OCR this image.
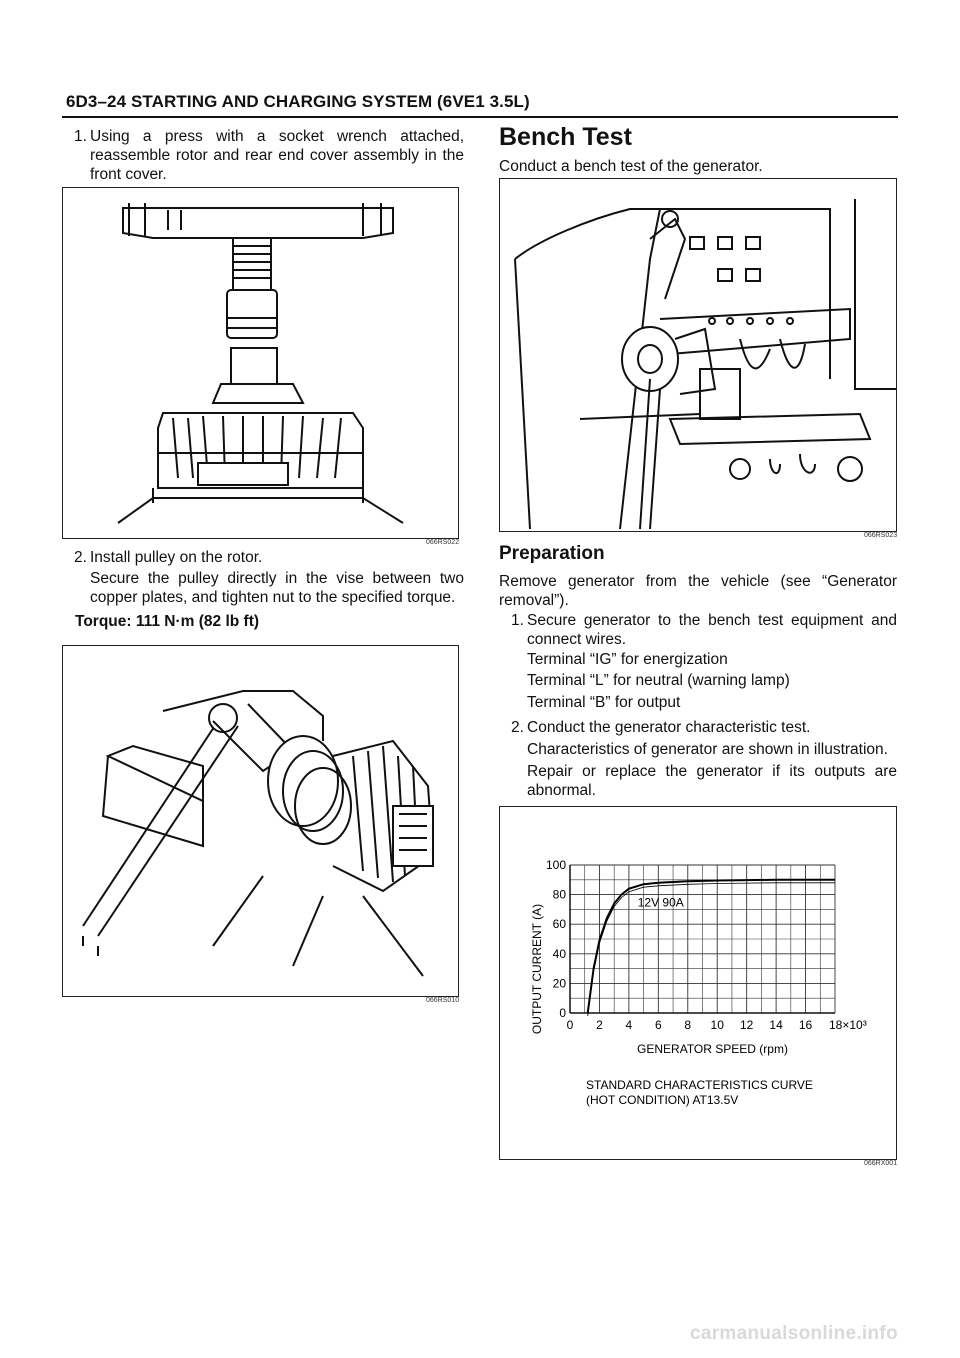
6D3–24 STARTING AND CHARGING SYSTEM (6VE1 3.5L)
1. Using a press with a socket wrench attached, reassemble rotor and rear end cover assembly in the front cover.
066RS022
2. Install pulley on the rotor.
Secure the pulley directly in the vise between two copper plates, and tighten nut to the specified torque.
Torque: 111 N·m (82 lb ft)
066RS010
Bench Test
Conduct a bench test of the generator.
066RS023
Preparation
Remove generator from the vehicle (see “Generator removal”).
1. Secure generator to the bench test equipment and connect wires.
Terminal “IG” for energization
Terminal “L” for neutral (warning lamp)
Terminal “B” for output
2. Conduct the generator characteristic test.
Characteristics of generator are shown in illustration.
Repair or replace the generator if its outputs are abnormal.
0 2 4 6 8 10 12 14 16 18×10³
0
20
40
60
80
100
OUTPUT CURRENT (A)
GENERATOR SPEED (rpm)
12V 90A
STANDARD CHARACTERISTICS CURVE
(HOT CONDITION) AT13.5V
066RX001
carmanualsonline.info
